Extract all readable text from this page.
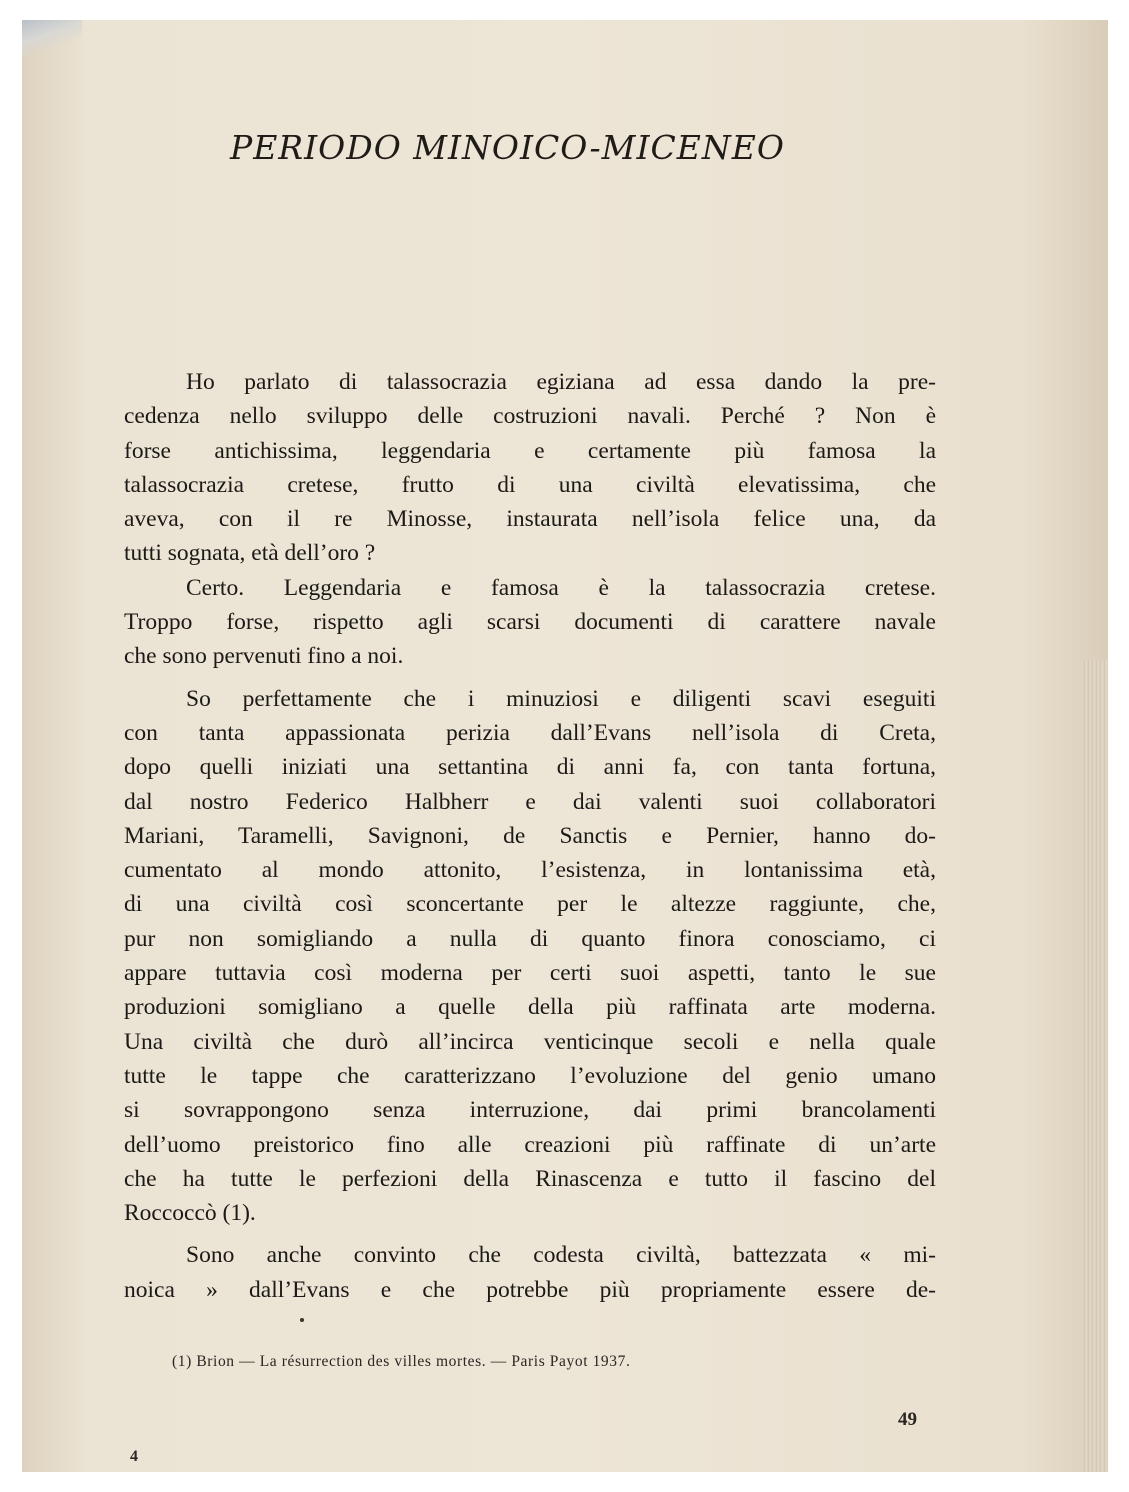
PERIODO MINOICO-MICENEO
Ho parlato di talassocrazia egiziana ad essa dando la pre-
cedenza nello sviluppo delle costruzioni navali. Perché ? Non è
forse antichissima, leggendaria e certamente più famosa la
talassocrazia cretese, frutto di una civiltà elevatissima, che
aveva, con il re Minosse, instaurata nell’isola felice una, da
tutti sognata, età dell’oro ?
Certo. Leggendaria e famosa è la talassocrazia cretese.
Troppo forse, rispetto agli scarsi documenti di carattere navale
che sono pervenuti fino a noi.
So perfettamente che i minuziosi e diligenti scavi eseguiti
con tanta appassionata perizia dall’Evans nell’isola di Creta,
dopo quelli iniziati una settantina di anni fa, con tanta fortuna,
dal nostro Federico Halbherr e dai valenti suoi collaboratori
Mariani, Taramelli, Savignoni, de Sanctis e Pernier, hanno do-
cumentato al mondo attonito, l’esistenza, in lontanissima età,
di una civiltà così sconcertante per le altezze raggiunte, che,
pur non somigliando a nulla di quanto finora conosciamo, ci
appare tuttavia così moderna per certi suoi aspetti, tanto le sue
produzioni somigliano a quelle della più raffinata arte moderna.
Una civiltà che durò all’incirca venticinque secoli e nella quale
tutte le tappe che caratterizzano l’evoluzione del genio umano
si sovrappongono senza interruzione, dai primi brancolamenti
dell’uomo preistorico fino alle creazioni più raffinate di un’arte
che ha tutte le perfezioni della Rinascenza e tutto il fascino del
Roccoccò (1).
Sono anche convinto che codesta civiltà, battezzata « mi-
noica » dall’Evans e che potrebbe più propriamente essere de-
(1) Brion — La résurrection des villes mortes. — Paris Payot 1937.
49
4
